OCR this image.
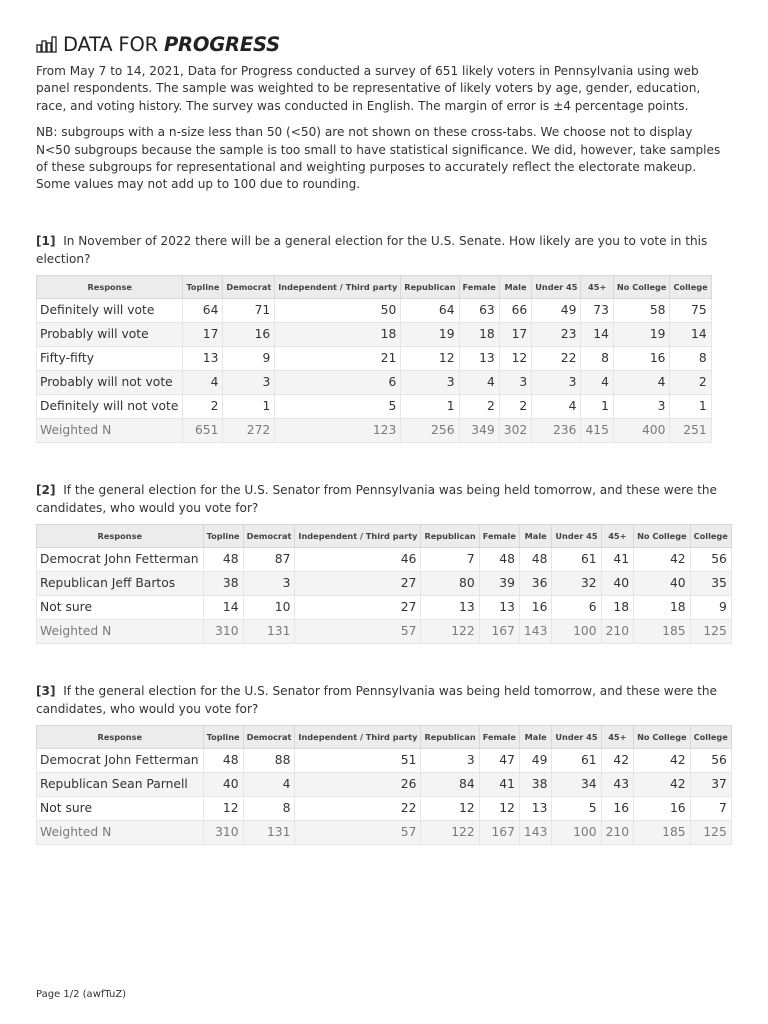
DATA FOR PROGRESS

From May 7 to 14, 2021, Data for Progress conducted a survey of 651 likely voters in Pennsylvania using web panel respondents. The sample was weighted to be representative of likely voters by age, gender, education, race, and voting history. The survey was conducted in English. The margin of error is ±4 percentage points.

NB: subgroups with a n-size less than 50 (<50) are not shown on these cross-tabs. We choose not to display N<50 subgroups because the sample is too small to have statistical significance. We did, however, take samples of these subgroups for representational and weighting purposes to accurately reflect the electorate makeup. Some values may not add up to 100 due to rounding.

[1] In November of 2022 there will be a general election for the U.S. Senate. How likely are you to vote in this election?
Response	Topline	Democrat	Independent / Third party	Republican	Female	Male	Under 45	45+	No College	College
Definitely will vote	64	71	50	64	63	66	49	73	58	75
Probably will vote	17	16	18	19	18	17	23	14	19	14
Fifty-fifty	13	9	21	12	13	12	22	8	16	8
Probably will not vote	4	3	6	3	4	3	3	4	4	2
Definitely will not vote	2	1	5	1	2	2	4	1	3	1
Weighted N	651	272	123	256	349	302	236	415	400	251
[2] If the general election for the U.S. Senator from Pennsylvania was being held tomorrow, and these were the candidates, who would you vote for?
Response	Topline	Democrat	Independent / Third party	Republican	Female	Male	Under 45	45+	No College	College
Democrat John Fetterman	48	87	46	7	48	48	61	41	42	56
Republican Jeff Bartos	38	3	27	80	39	36	32	40	40	35
Not sure	14	10	27	13	13	16	6	18	18	9
Weighted N	310	131	57	122	167	143	100	210	185	125
[3] If the general election for the U.S. Senator from Pennsylvania was being held tomorrow, and these were the candidates, who would you vote for?
Response	Topline	Democrat	Independent / Third party	Republican	Female	Male	Under 45	45+	No College	College
Democrat John Fetterman	48	88	51	3	47	49	61	42	42	56
Republican Sean Parnell	40	4	26	84	41	38	34	43	42	37
Not sure	12	8	22	12	12	13	5	16	16	7
Weighted N	310	131	57	122	167	143	100	210	185	125
Page 1/2 (awfTuZ)
